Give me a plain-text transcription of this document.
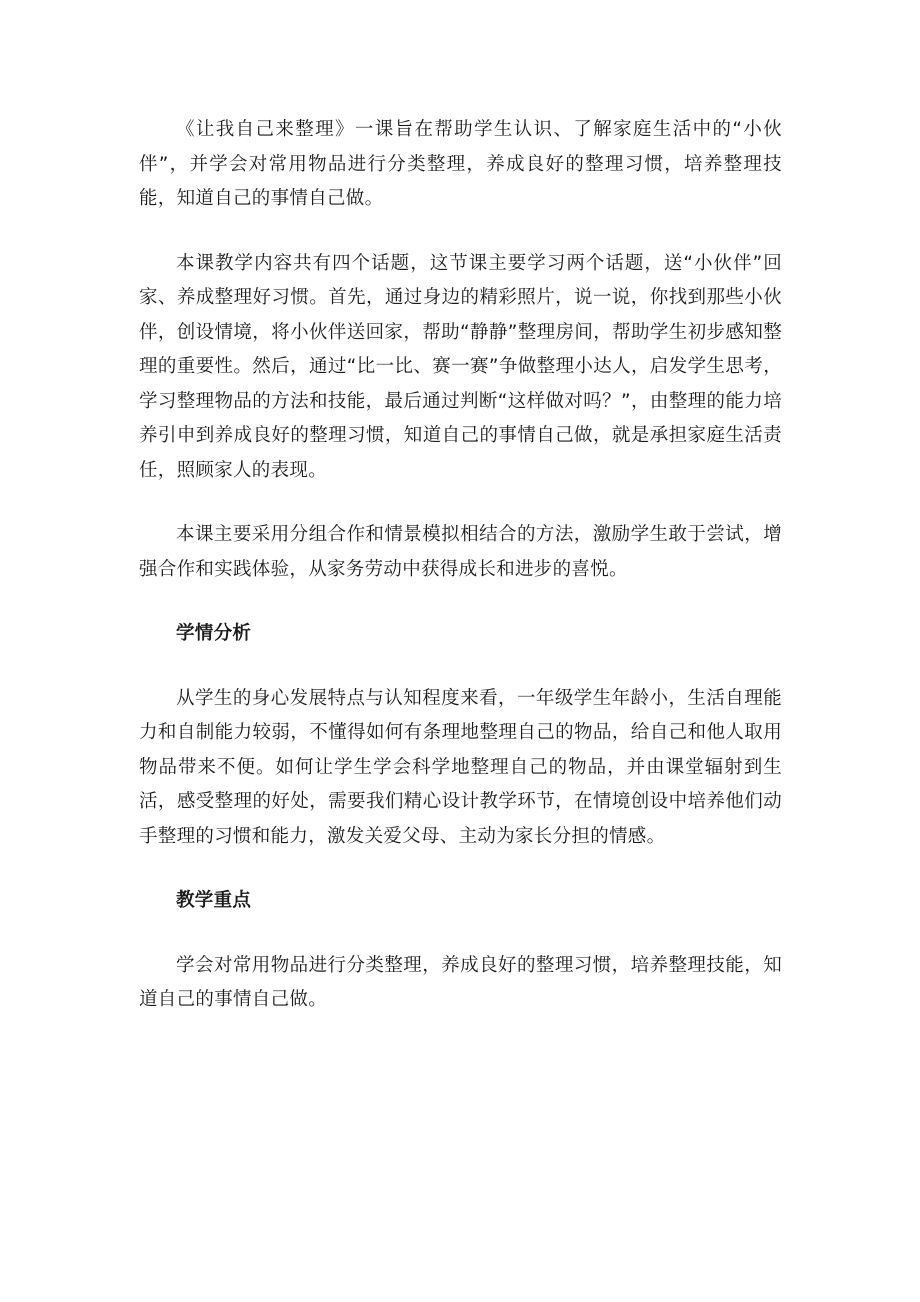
《让我自己来整理》一课旨在帮助学生认识、了解家庭生活中的“小伙伴”，并学会对常用物品进行分类整理，养成良好的整理习惯，培养整理技能，知道自己的事情自己做。

本课教学内容共有四个话题，这节课主要学习两个话题，送“小伙伴”回家、养成整理好习惯。首先，通过身边的精彩照片，说一说，你找到那些小伙伴，创设情境，将小伙伴送回家，帮助“静静”整理房间，帮助学生初步感知整理的重要性。然后，通过“比一比、赛一赛”争做整理小达人，启发学生思考，学习整理物品的方法和技能，最后通过判断“这样做对吗？”，由整理的能力培养引申到养成良好的整理习惯，知道自己的事情自己做，就是承担家庭生活责任，照顾家人的表现。

本课主要采用分组合作和情景模拟相结合的方法，激励学生敢于尝试，增强合作和实践体验，从家务劳动中获得成长和进步的喜悦。

学情分析

从学生的身心发展特点与认知程度来看，一年级学生年龄小，生活自理能力和自制能力较弱，不懂得如何有条理地整理自己的物品，给自己和他人取用物品带来不便。如何让学生学会科学地整理自己的物品，并由课堂辐射到生活，感受整理的好处，需要我们精心设计教学环节，在情境创设中培养他们动手整理的习惯和能力，激发关爱父母、主动为家长分担的情感。

教学重点

学会对常用物品进行分类整理，养成良好的整理习惯，培养整理技能，知道自己的事情自己做。
